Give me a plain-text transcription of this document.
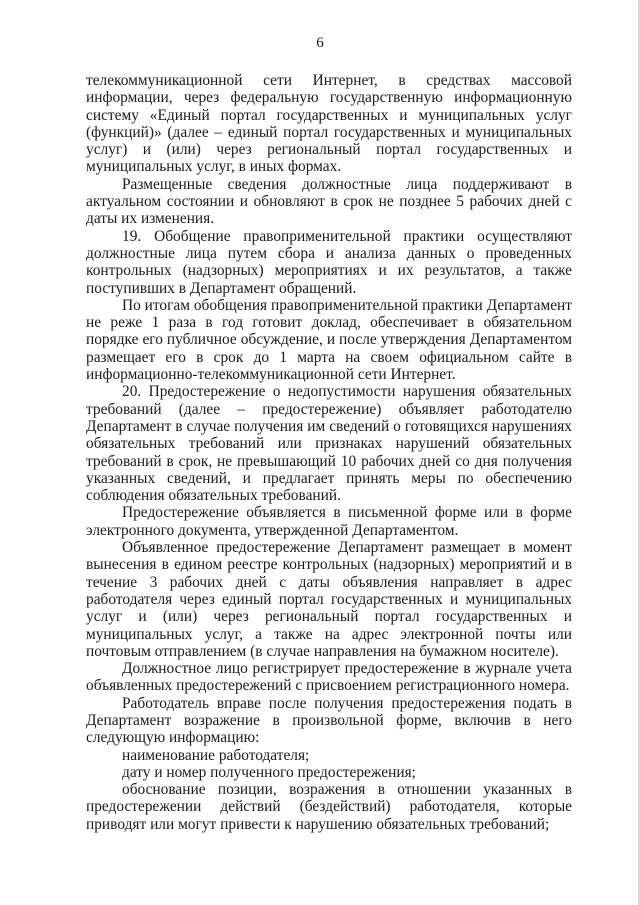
6

телекоммуникационной сети Интернет, в средствах массовой информации, через федеральную государственную информационную систему «Единый портал государственных и муниципальных услуг (функций)» (далее – единый портал государственных и муниципальных услуг) и (или) через региональный портал государственных и муниципальных услуг, в иных формах.

Размещенные сведения должностные лица поддерживают в актуальном состоянии и обновляют в срок не позднее 5 рабочих дней с даты их изменения.

19. Обобщение правоприменительной практики осуществляют должностные лица путем сбора и анализа данных о проведенных контрольных (надзорных) мероприятиях и их результатов, а также поступивших в Департамент обращений.

По итогам обобщения правоприменительной практики Департамент не реже 1 раза в год готовит доклад, обеспечивает в обязательном порядке его публичное обсуждение, и после утверждения Департаментом размещает его в срок до 1 марта на своем официальном сайте в информационно-телекоммуникационной сети Интернет.

20. Предостережение о недопустимости нарушения обязательных требований (далее – предостережение) объявляет работодателю Департамент в случае получения им сведений о готовящихся нарушениях обязательных требований или признаках нарушений обязательных требований в срок, не превышающий 10 рабочих дней со дня получения указанных сведений, и предлагает принять меры по обеспечению соблюдения обязательных требований.

Предостережение объявляется в письменной форме или в форме электронного документа, утвержденной Департаментом.

Объявленное предостережение Департамент размещает в момент вынесения в едином реестре контрольных (надзорных) мероприятий и в течение 3 рабочих дней с даты объявления направляет в адрес работодателя через единый портал государственных и муниципальных услуг и (или) через региональный портал государственных и муниципальных услуг, а также на адрес электронной почты или почтовым отправлением (в случае направления на бумажном носителе).

Должностное лицо регистрирует предостережение в журнале учета объявленных предостережений с присвоением регистрационного номера.

Работодатель вправе после получения предостережения подать в Департамент возражение в произвольной форме, включив в него следующую информацию:

наименование работодателя;

дату и номер полученного предостережения;

обоснование позиции, возражения в отношении указанных в предостережении действий (бездействий) работодателя, которые приводят или могут привести к нарушению обязательных требований;
